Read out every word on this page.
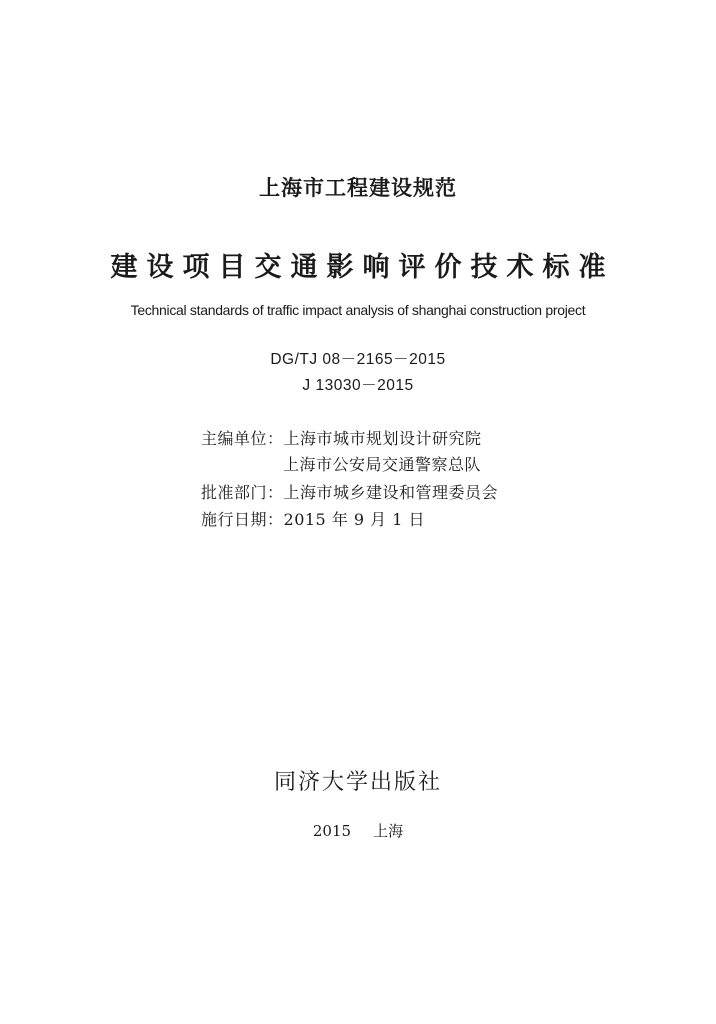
上海市工程建设规范
建设项目交通影响评价技术标准
Technical standards of traffic impact analysis of shanghai construction project
DG/TJ 08－2165－2015
J 13030－2015
主编单位：上海市城市规划设计研究院
上海市公安局交通警察总队
批准部门：上海市城乡建设和管理委员会
施行日期：2015 年 9 月 1 日
同济大学出版社
2015 上海
